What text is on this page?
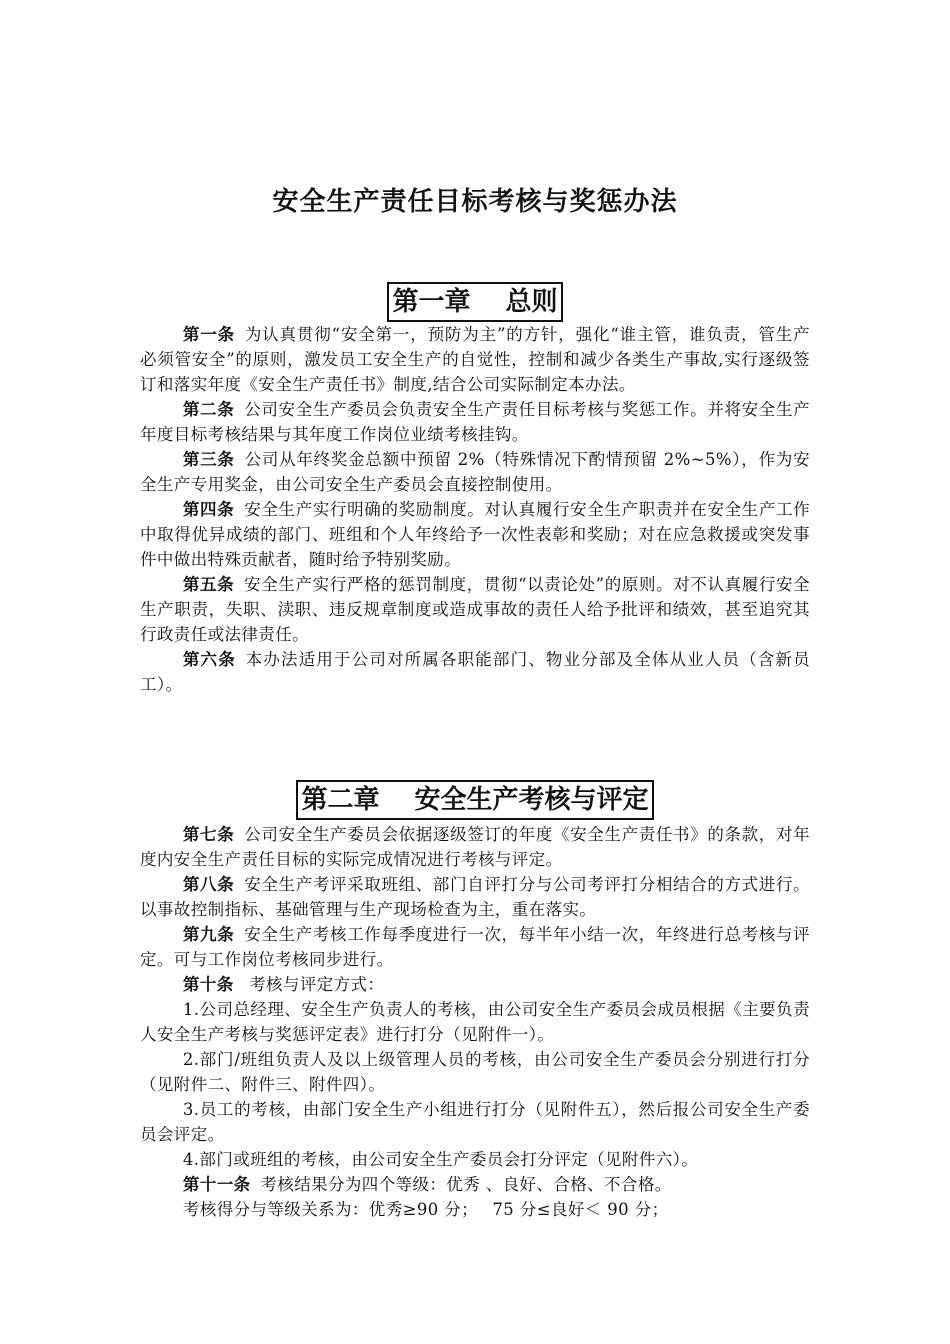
安全生产责任目标考核与奖惩办法
第一章　 总则

第一条 为认真贯彻“安全第一，预防为主”的方针，强化“谁主管，谁负责，管生产必须管安全”的原则，激发员工安全生产的自觉性，控制和减少各类生产事故,实行逐级签订和落实年度《安全生产责任书》制度,结合公司实际制定本办法。

第二条 公司安全生产委员会负责安全生产责任目标考核与奖惩工作。并将安全生产年度目标考核结果与其年度工作岗位业绩考核挂钩。

第三条 公司从年终奖金总额中预留 2%（特殊情况下酌情预留 2%~5%），作为安全生产专用奖金，由公司安全生产委员会直接控制使用。

第四条 安全生产实行明确的奖励制度。对认真履行安全生产职责并在安全生产工作中取得优异成绩的部门、班组和个人年终给予一次性表彰和奖励；对在应急救援或突发事件中做出特殊贡献者，随时给予特别奖励。

第五条 安全生产实行严格的惩罚制度，贯彻“以责论处”的原则。对不认真履行安全生产职责，失职、渎职、违反规章制度或造成事故的责任人给予批评和绩效，甚至追究其行政责任或法律责任。

第六条 本办法适用于公司对所属各职能部门、物业分部及全体从业人员（含新员工）。

第二章　 安全生产考核与评定

第七条 公司安全生产委员会依据逐级签订的年度《安全生产责任书》的条款，对年度内安全生产责任目标的实际完成情况进行考核与评定。

第八条 安全生产考评采取班组、部门自评打分与公司考评打分相结合的方式进行。以事故控制指标、基础管理与生产现场检查为主，重在落实。

第九条 安全生产考核工作每季度进行一次，每半年小结一次，年终进行总考核与评定。可与工作岗位考核同步进行。

第十条 考核与评定方式：

1.公司总经理、安全生产负责人的考核，由公司安全生产委员会成员根据《主要负责人安全生产考核与奖惩评定表》进行打分（见附件一）。

2.部门/班组负责人及以上级管理人员的考核，由公司安全生产委员会分别进行打分（见附件二、附件三、附件四）。

3.员工的考核，由部门安全生产小组进行打分（见附件五），然后报公司安全生产委员会评定。

4.部门或班组的考核，由公司安全生产委员会打分评定（见附件六）。

第十一条 考核结果分为四个等级：优秀 、良好、合格、不合格。

考核得分与等级关系为：优秀≥90 分；　 75 分≤良好＜ 90 分；
